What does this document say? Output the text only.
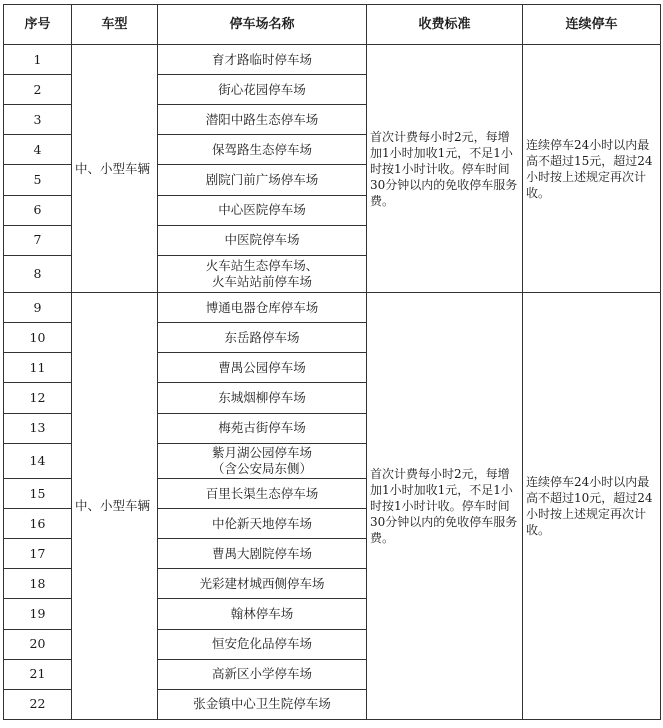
序号	车型	停车场名称	收费标准	连续停车
1	中、小型车辆	育才路临时停车场	首次计费每小时2元，每增加1小时加收1元，不足1小时按1小时计收。停车时间30分钟以内的免收停车服务费。	连续停车24小时以内最高不超过15元，超过24小时按上述规定再次计收。
2		街心花园停车场		

3		潜阳中路生态停车场		

4		保驾路生态停车场		

5		剧院门前广场停车场		

6		中心医院停车场		

7		中医院停车场		

8		火车站生态停车场、
火车站站前停车场		

9	中、小型车辆	博通电器仓库停车场	首次计费每小时2元，每增加1小时加收1元，不足1小时按1小时计收。停车时间30分钟以内的免收停车服务费。	连续停车24小时以内最高不超过10元，超过24小时按上述规定再次计收。
10		东岳路停车场		

11		曹禺公园停车场		

12		东城烟柳停车场		

13		梅苑古街停车场		

14		紫月湖公园停车场
（含公安局东侧）		

15		百里长渠生态停车场		

16		中伦新天地停车场		

17		曹禺大剧院停车场		

18		光彩建材城西侧停车场		

19		翰林停车场		

20		恒安危化品停车场		

21		高新区小学停车场		

22		张金镇中心卫生院停车场		
